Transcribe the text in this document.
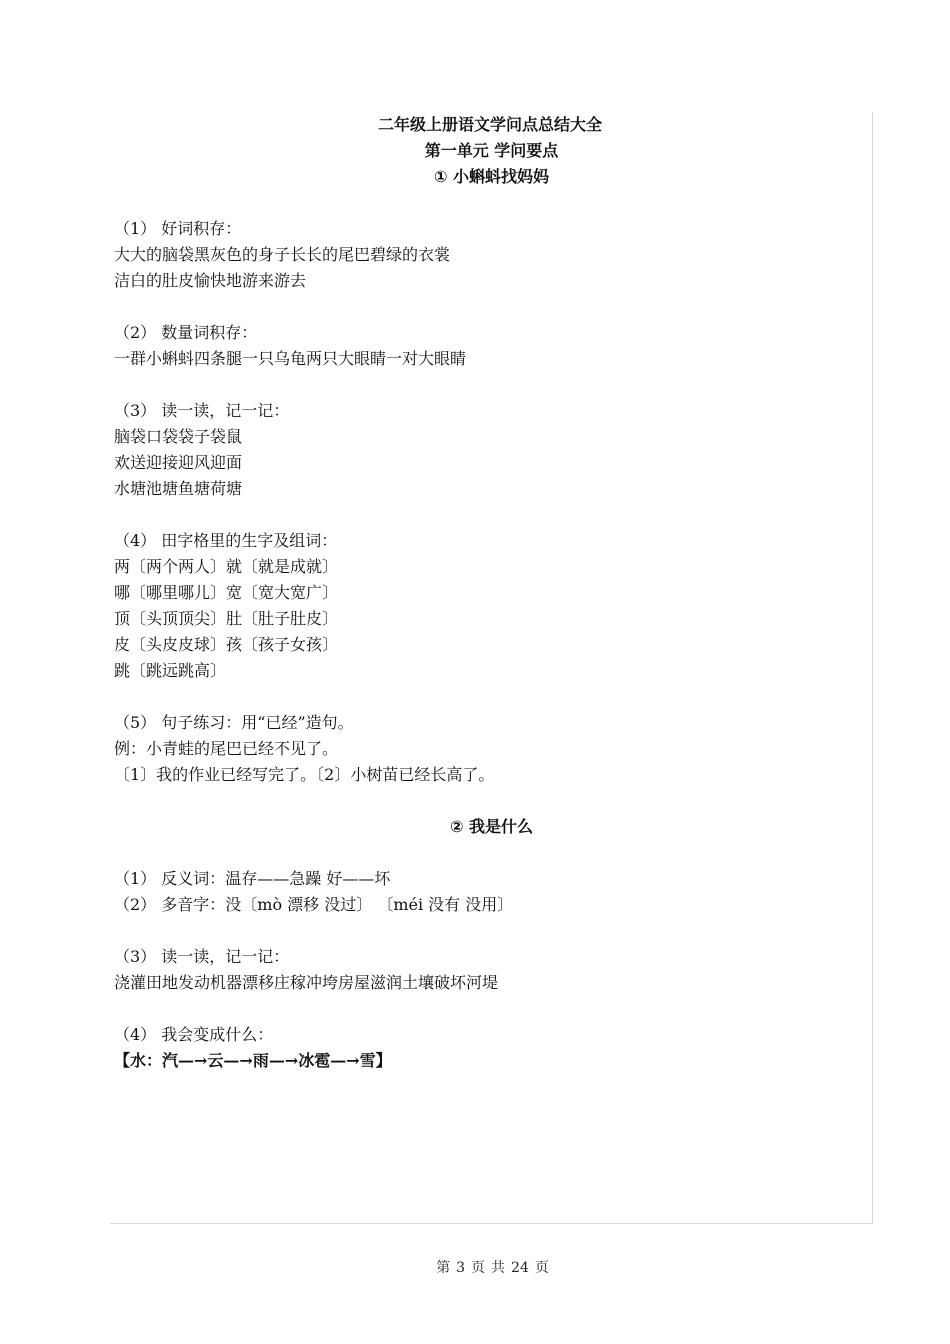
二年级上册语文学问点总结大全
第一单元 学问要点
① 小蝌蚪找妈妈
（1） 好词积存：
大大的脑袋黑灰色的身子长长的尾巴碧绿的衣裳
洁白的肚皮愉快地游来游去
（2） 数量词积存：
一群小蝌蚪四条腿一只乌龟两只大眼睛一对大眼睛
（3） 读一读，记一记：
脑袋口袋袋子袋鼠
欢送迎接迎风迎面
水塘池塘鱼塘荷塘
（4） 田字格里的生字及组词：
两〔两个两人〕就〔就是成就〕
哪〔哪里哪儿〕宽〔宽大宽广〕
顶〔头顶顶尖〕肚〔肚子肚皮〕
皮〔头皮皮球〕孩〔孩子女孩〕
跳〔跳远跳高〕
（5） 句子练习：用“已经”造句。
例：小青蛙的尾巴已经不见了。
〔1〕我的作业已经写完了。〔2〕小树苗已经长高了。
② 我是什么
（1） 反义词：温存——急躁 好——坏
（2） 多音字：没〔mò 漂移 没过〕 〔méi 没有 没用〕
（3） 读一读，记一记：
浇灌田地发动机器漂移庄稼冲垮房屋滋润土壤破坏河堤
（4） 我会变成什么：
【水：汽—→云—→雨—→冰雹—→雪】
第 3 页 共 24 页
